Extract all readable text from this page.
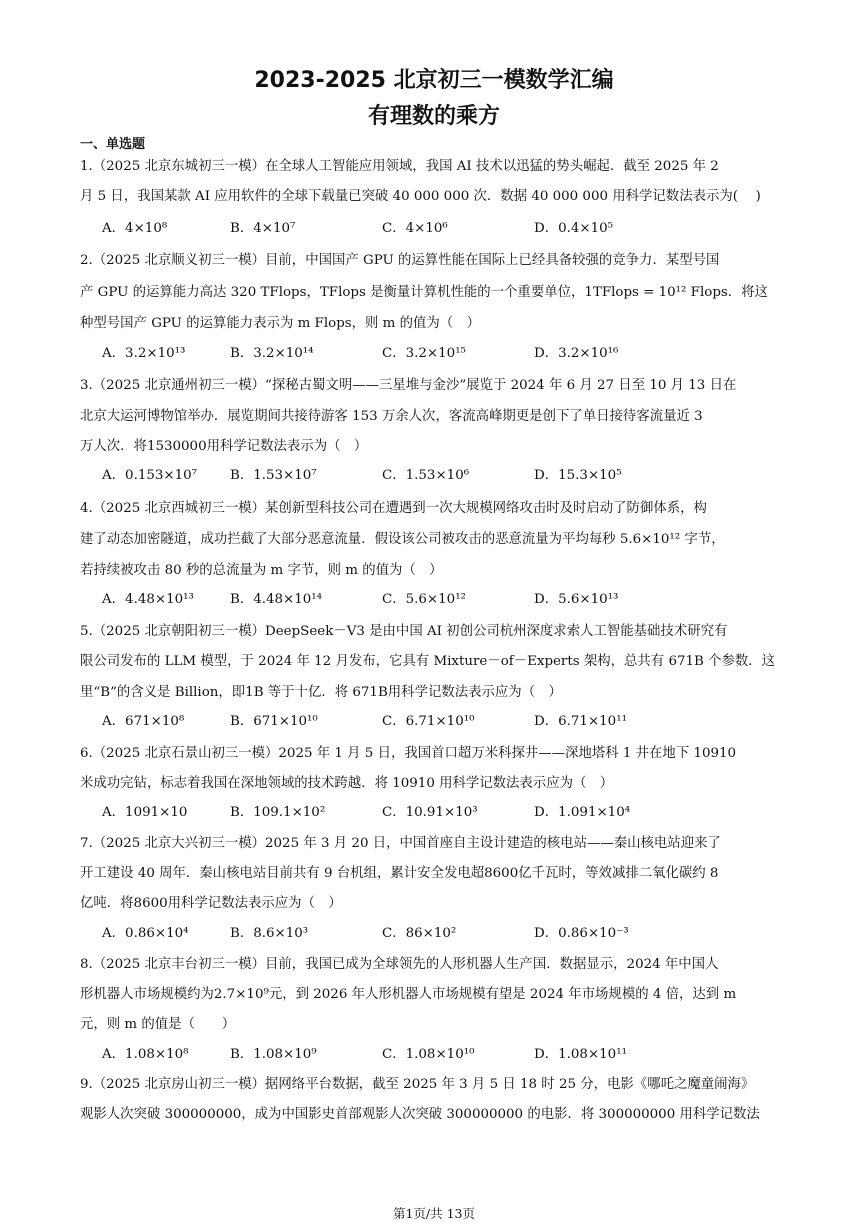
2023-2025 北京初三一模数学汇编
有理数的乘方
一、单选题
1.（2025 北京东城初三一模）在全球人工智能应用领域，我国 AI 技术以迅猛的势头崛起．截至 2025 年 2
月 5 日，我国某款 AI 应用软件的全球下载量已突破 40 000 000 次．数据 40 000 000 用科学记数法表示为(　 )
A．4×10⁸	B．4×10⁷	C．4×10⁶	D．0.4×10⁵
2.（2025 北京顺义初三一模）目前，中国国产 GPU 的运算性能在国际上已经具备较强的竞争力．某型号国
产 GPU 的运算能力高达 320 TFlops，TFlops 是衡量计算机性能的一个重要单位，1TFlops = 10¹² Flops．将这
种型号国产 GPU 的运算能力表示为 m Flops，则 m 的值为（　）
A．3.2×10¹³	B．3.2×10¹⁴	C．3.2×10¹⁵	D．3.2×10¹⁶
3.（2025 北京通州初三一模）“探秘古蜀文明——三星堆与金沙”展览于 2024 年 6 月 27 日至 10 月 13 日在
北京大运河博物馆举办．展览期间共接待游客 153 万余人次，客流高峰期更是创下了单日接待客流量近 3
万人次．将1530000用科学记数法表示为（　）
A．0.153×10⁷ B．1.53×10⁷	C．1.53×10⁶	D．15.3×10⁵
4.（2025 北京西城初三一模）某创新型科技公司在遭遇到一次大规模网络攻击时及时启动了防御体系，构
建了动态加密隧道，成功拦截了大部分恶意流量．假设该公司被攻击的恶意流量为平均每秒 5.6×10¹² 字节，
若持续被攻击 80 秒的总流量为 m 字节，则 m 的值为（　）
A．4.48×10¹³	B．4.48×10¹⁴	C．5.6×10¹²	D．5.6×10¹³
5.（2025 北京朝阳初三一模）DeepSeek－V3 是由中国 AI 初创公司杭州深度求索人工智能基础技术研究有
限公司发布的 LLM 模型，于 2024 年 12 月发布，它具有 Mixture－of－Experts 架构，总共有 671B 个参数．这
里“B”的含义是 Billion，即1B 等于十亿．将 671B用科学记数法表示应为（　）
A．671×10⁸	B．671×10¹⁰	C．6.71×10¹⁰	D．6.71×10¹¹
6.（2025 北京石景山初三一模）2025 年 1 月 5 日，我国首口超万米科探井——深地塔科 1 井在地下 10910
米成功完钻，标志着我国在深地领域的技术跨越．将 10910 用科学记数法表示应为（　）
A．1091×10	B．109.1×10²	C．10.91×10³	D．1.091×10⁴
7.（2025 北京大兴初三一模）2025 年 3 月 20 日，中国首座自主设计建造的核电站——秦山核电站迎来了
开工建设 40 周年．秦山核电站目前共有 9 台机组，累计安全发电超8600亿千瓦时，等效减排二氧化碳约 8
亿吨．将8600用科学记数法表示应为（　）
A．0.86×10⁴	B．8.6×10³	C．86×10²	D．0.86×10⁻³
8.（2025 北京丰台初三一模）目前，我国已成为全球领先的人形机器人生产国．数据显示，2024 年中国人
形机器人市场规模约为2.7×10⁹元，到 2026 年人形机器人市场规模有望是 2024 年市场规模的 4 倍，达到 m
元，则 m 的值是（　　）
A．1.08×10⁸	B．1.08×10⁹	C．1.08×10¹⁰	D．1.08×10¹¹
9.（2025 北京房山初三一模）据网络平台数据，截至 2025 年 3 月 5 日 18 时 25 分，电影《哪吒之魔童闹海》
观影人次突破 300000000，成为中国影史首部观影人次突破 300000000 的电影．将 300000000 用科学记数法
第1页/共 13页
